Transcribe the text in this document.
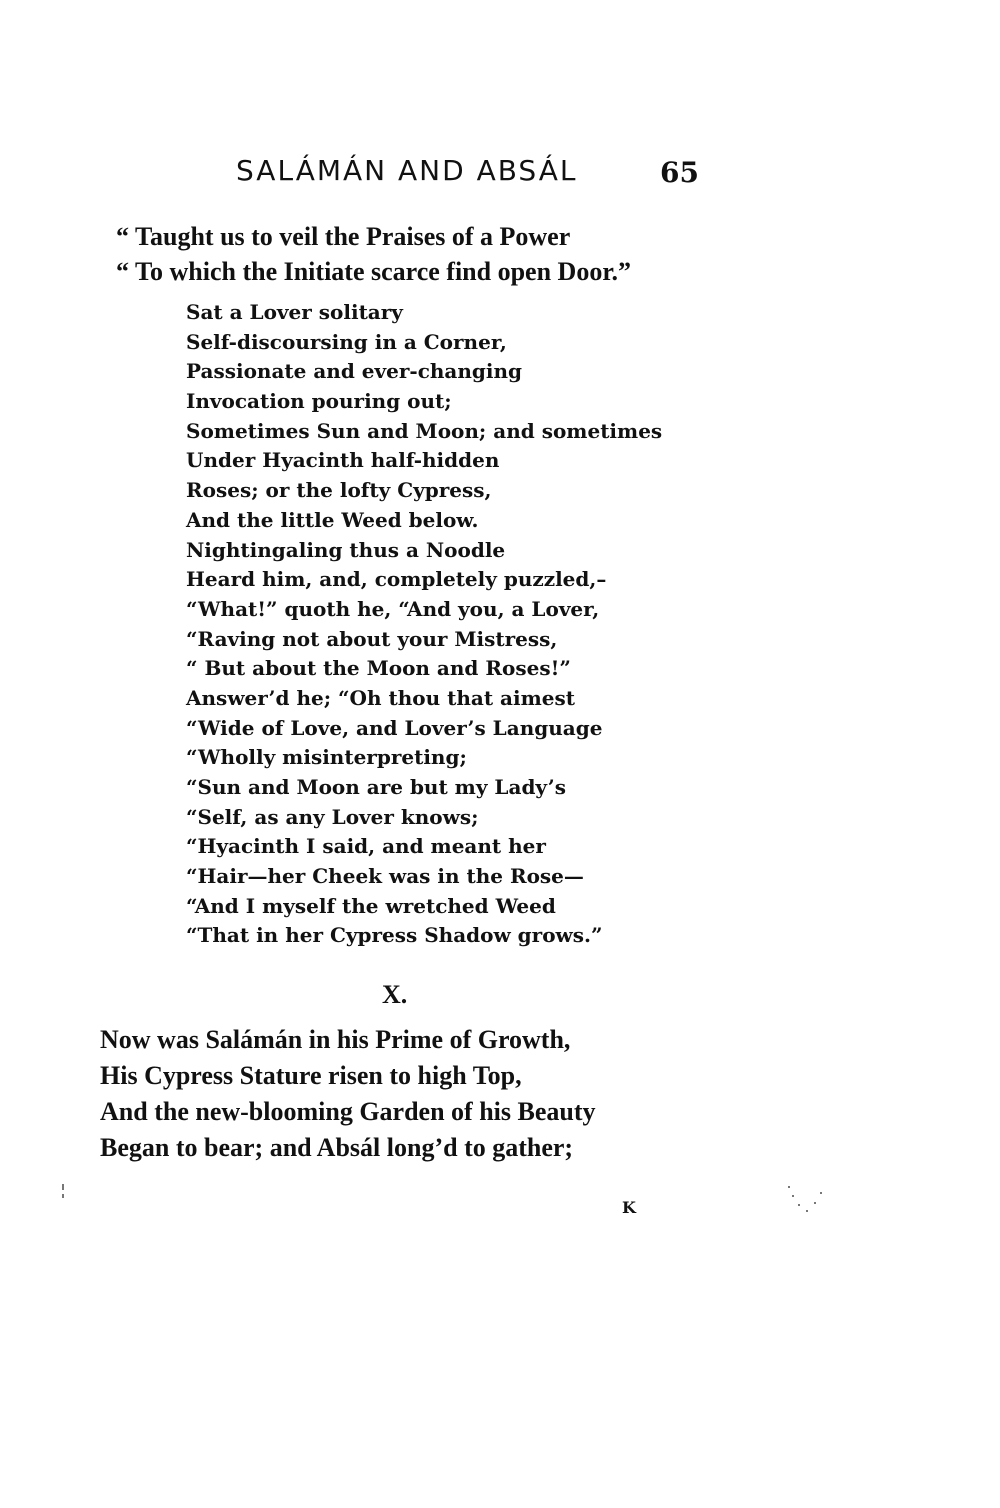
SALÁMÁN AND ABSÁL	65
“ Taught us to veil the Praises of a Power
“ To which the Initiate scarce find open Door.”
Sat a Lover solitary
Self-discoursing in a Corner,
Passionate and ever-changing
Invocation pouring out;
Sometimes Sun and Moon; and sometimes
Under Hyacinth half-hidden
Roses; or the lofty Cypress,
And the little Weed below.
Nightingaling thus a Noodle
Heard him, and, completely puzzled,–
“What!” quoth he, “And you, a Lover,
“Raving not about your Mistress,
“ But about the Moon and Roses!”
Answer’d he; “Oh thou that aimest
“Wide of Love, and Lover’s Language
“Wholly misinterpreting;
“Sun and Moon are but my Lady’s
“Self, as any Lover knows;
“Hyacinth I said, and meant her
“Hair—her Cheek was in the Rose—
“And I myself the wretched Weed
“That in her Cypress Shadow grows.”
X.
Now was Salámán in his Prime of Growth,
His Cypress Stature risen to high Top,
And the new-blooming Garden of his Beauty
Began to bear; and Absál long’d to gather;
K
